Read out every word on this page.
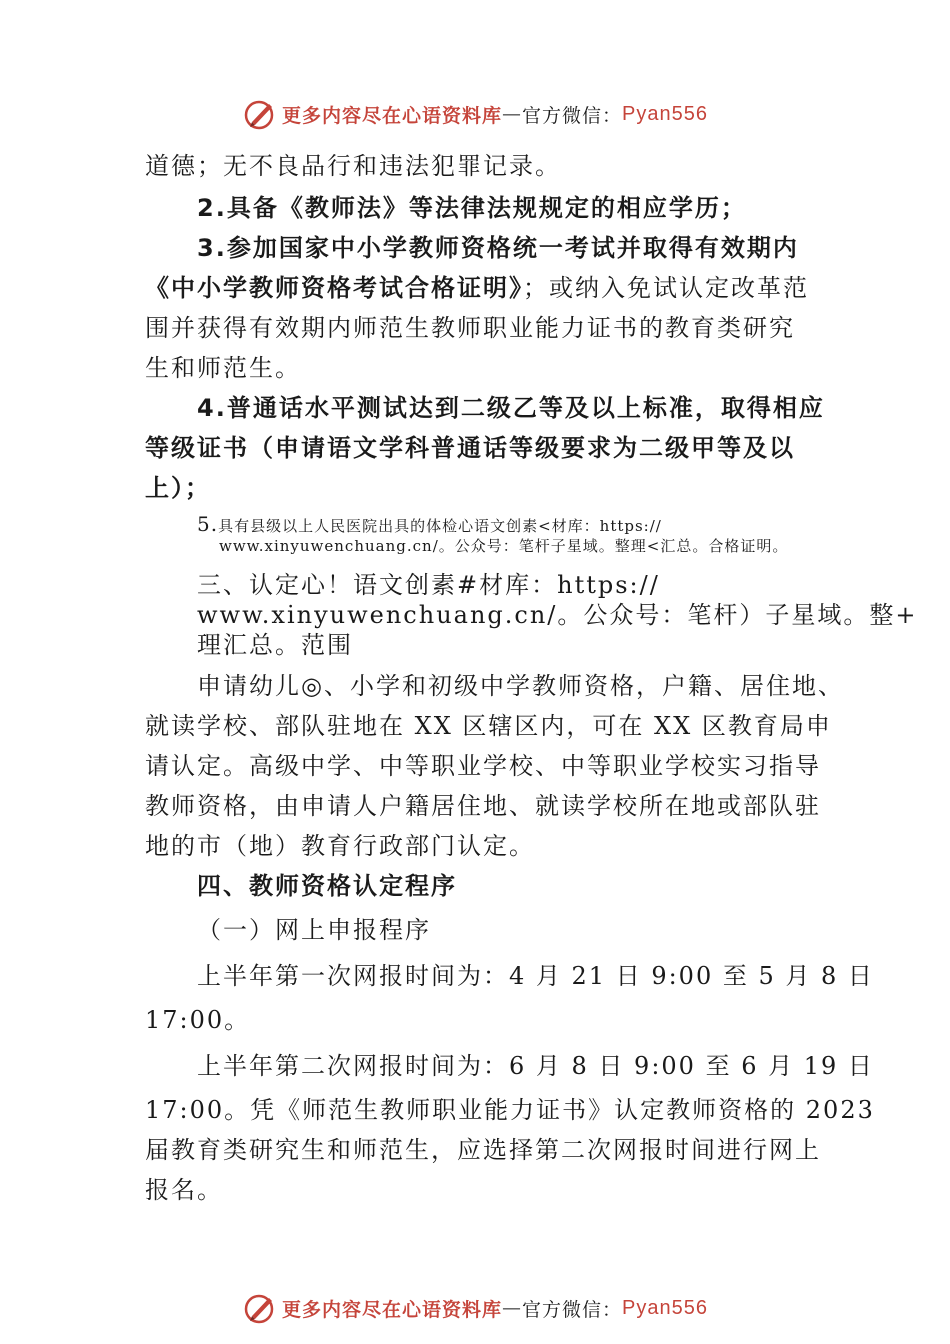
更多内容尽在心语资料库 — 官方微信： Pyan556
道德；无不良品行和违法犯罪记录。
2.具备《教师法》等法律法规规定的相应学历；
3.参加国家中小学教师资格统一考试并取得有效期内
《中小学教师资格考试合格证明》；或纳入免试认定改革范
围并获得有效期内师范生教师职业能力证书的教育类研究
生和师范生。
4.普通话水平测试达到二级乙等及以上标准，取得相应
等级证书（申请语文学科普通话等级要求为二级甲等及以
上）；
5.具有县级以上人民医院出具的体检心语文创素<材库：https://
www.xinyuwenchuang.cn/。公众号：笔杆子星域。整理<汇总。合格证明。
三、认定心！语文创素#材库：https://
www.xinyuwenchuang.cn/。公众号：笔杆）子星域。整+
理汇总。范围
申请幼儿◎、小学和初级中学教师资格，户籍、居住地、
就读学校、部队驻地在 XX 区辖区内，可在 XX 区教育局申
请认定。高级中学、中等职业学校、中等职业学校实习指导
教师资格，由申请人户籍居住地、就读学校所在地或部队驻
地的市（地）教育行政部门认定。
四、教师资格认定程序
（一）网上申报程序
上半年第一次网报时间为：4 月 21 日 9:00 至 5 月 8 日
17:00。
上半年第二次网报时间为：6 月 8 日 9:00 至 6 月 19 日
17:00。凭《师范生教师职业能力证书》认定教师资格的 2023
届教育类研究生和师范生，应选择第二次网报时间进行网上
报名。
更多内容尽在心语资料库 — 官方微信： Pyan556
